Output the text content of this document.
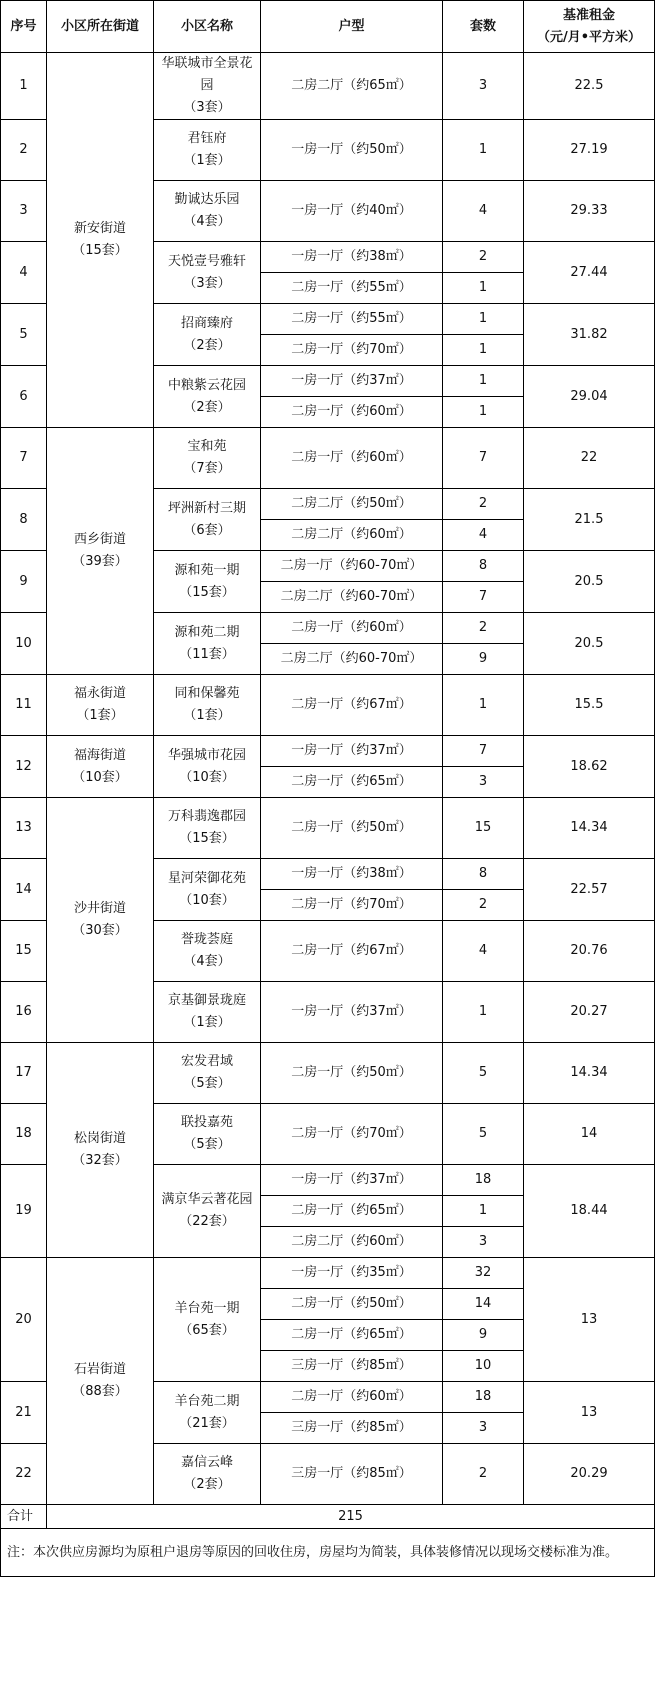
序号	小区所在街道	小区名称	户型	套数	基准租金
（元/月•平方米）

1	新安街道
（15套）	华联城市全景花园
（3套）	二房二厅（约65㎡）	3	22.5
2		君钰府
（1套）	一房一厅（约50㎡）	1	27.19
3		勤诚达乐园
（4套）	一房一厅（约40㎡）	4	29.33
4		天悦壹号雅轩
（3套）	一房一厅（约38㎡）	2	27.44
			二房一厅（约55㎡）	1	
5		招商臻府
（2套）	二房一厅（约55㎡）	1	31.82
			二房一厅（约70㎡）	1	
6		中粮紫云花园
（2套）	一房一厅（约37㎡）	1	29.04
			二房一厅（约60㎡）	1	
7	西乡街道
（39套）	宝和苑
（7套）	二房一厅（约60㎡）	7	22
8		坪洲新村三期
（6套）	二房二厅（约50㎡）	2	21.5
			二房二厅（约60㎡）	4	
9		源和苑一期
（15套）	二房一厅（约60-70㎡）	8	20.5
			二房二厅（约60-70㎡）	7	
10		源和苑二期
（11套）	二房一厅（约60㎡）	2	20.5
			二房二厅（约60-70㎡）	9	
11	福永街道
（1套）	同和保馨苑
（1套）	二房一厅（约67㎡）	1	15.5
12	福海街道
（10套）	华强城市花园
（10套）	一房一厅（约37㎡）	7	18.62
			二房一厅（约65㎡）	3	
13	沙井街道
（30套）	万科翡逸郡园
（15套）	二房一厅（约50㎡）	15	14.34
14		星河荣御花苑
（10套）	一房一厅（约38㎡）	8	22.57
			二房一厅（约70㎡）	2	
15		誉珑荟庭
（4套）	二房一厅（约67㎡）	4	20.76
16		京基御景珑庭
（1套）	一房一厅（约37㎡）	1	20.27
17	松岗街道
（32套）	宏发君域
（5套）	二房一厅（约50㎡）	5	14.34
18		联投嘉苑
（5套）	二房一厅（约70㎡）	5	14
19		满京华云著花园
（22套）	一房一厅（约37㎡）	18	18.44
			二房一厅（约65㎡）	1	
			二房二厅（约60㎡）	3	
20	石岩街道
（88套）	羊台苑一期
（65套）	一房一厅（约35㎡）	32	13
			二房一厅（约50㎡）	14	
			二房一厅（约65㎡）	9	
			三房一厅（约85㎡）	10	
21		羊台苑二期
（21套）	二房一厅（约60㎡）	18	13
			三房一厅（约85㎡）	3	
22		嘉信云峰
（2套）	三房一厅（约85㎡）	2	20.29
合计	215				
注：本次供应房源均为原租户退房等原因的回收住房，房屋均为简装，具体装修情况以现场交楼标准为准。					
